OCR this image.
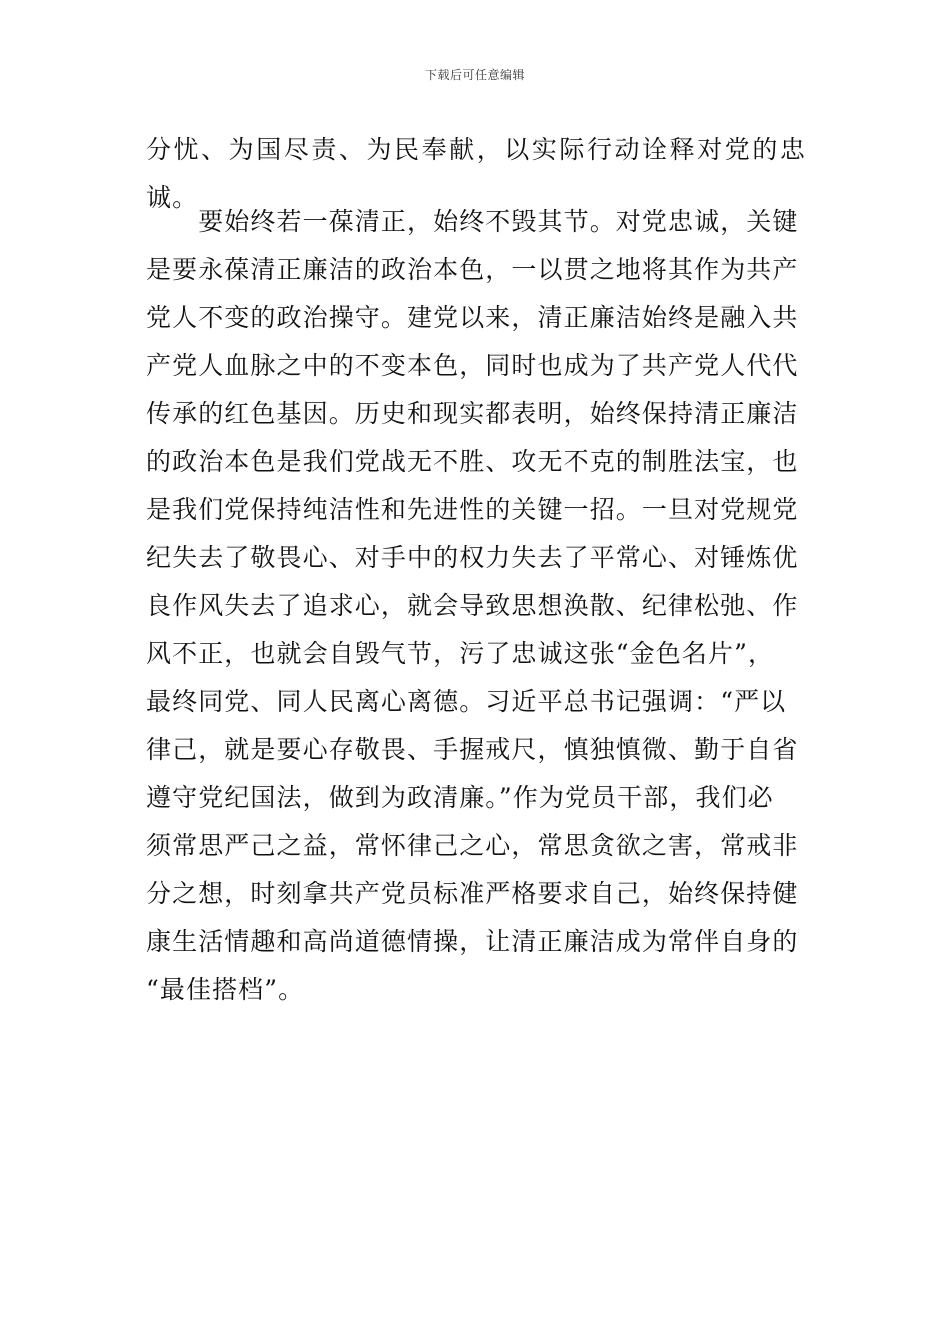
下载后可任意编辑
分忧、为国尽责、为民奉献，以实际行动诠释对党的忠诚。
　　要始终若一葆清正，始终不毁其节。对党忠诚，关键
是要永葆清正廉洁的政治本色，一以贯之地将其作为共产
党人不变的政治操守。建党以来，清正廉洁始终是融入共
产党人血脉之中的不变本色，同时也成为了共产党人代代
传承的红色基因。历史和现实都表明，始终保持清正廉洁
的政治本色是我们党战无不胜、攻无不克的制胜法宝，也
是我们党保持纯洁性和先进性的关键一招。一旦对党规党
纪失去了敬畏心、对手中的权力失去了平常心、对锤炼优
良作风失去了追求心，就会导致思想涣散、纪律松弛、作
风不正，也就会自毁气节，污了忠诚这张“金色名片”，
最终同党、同人民离心离德。习近平总书记强调：“严以
律己，就是要心存敬畏、手握戒尺，慎独慎微、勤于自省
遵守党纪国法，做到为政清廉。”作为党员干部，我们必
须常思严己之益，常怀律己之心，常思贪欲之害，常戒非
分之想，时刻拿共产党员标准严格要求自己，始终保持健
康生活情趣和高尚道德情操，让清正廉洁成为常伴自身的
“最佳搭档”。
